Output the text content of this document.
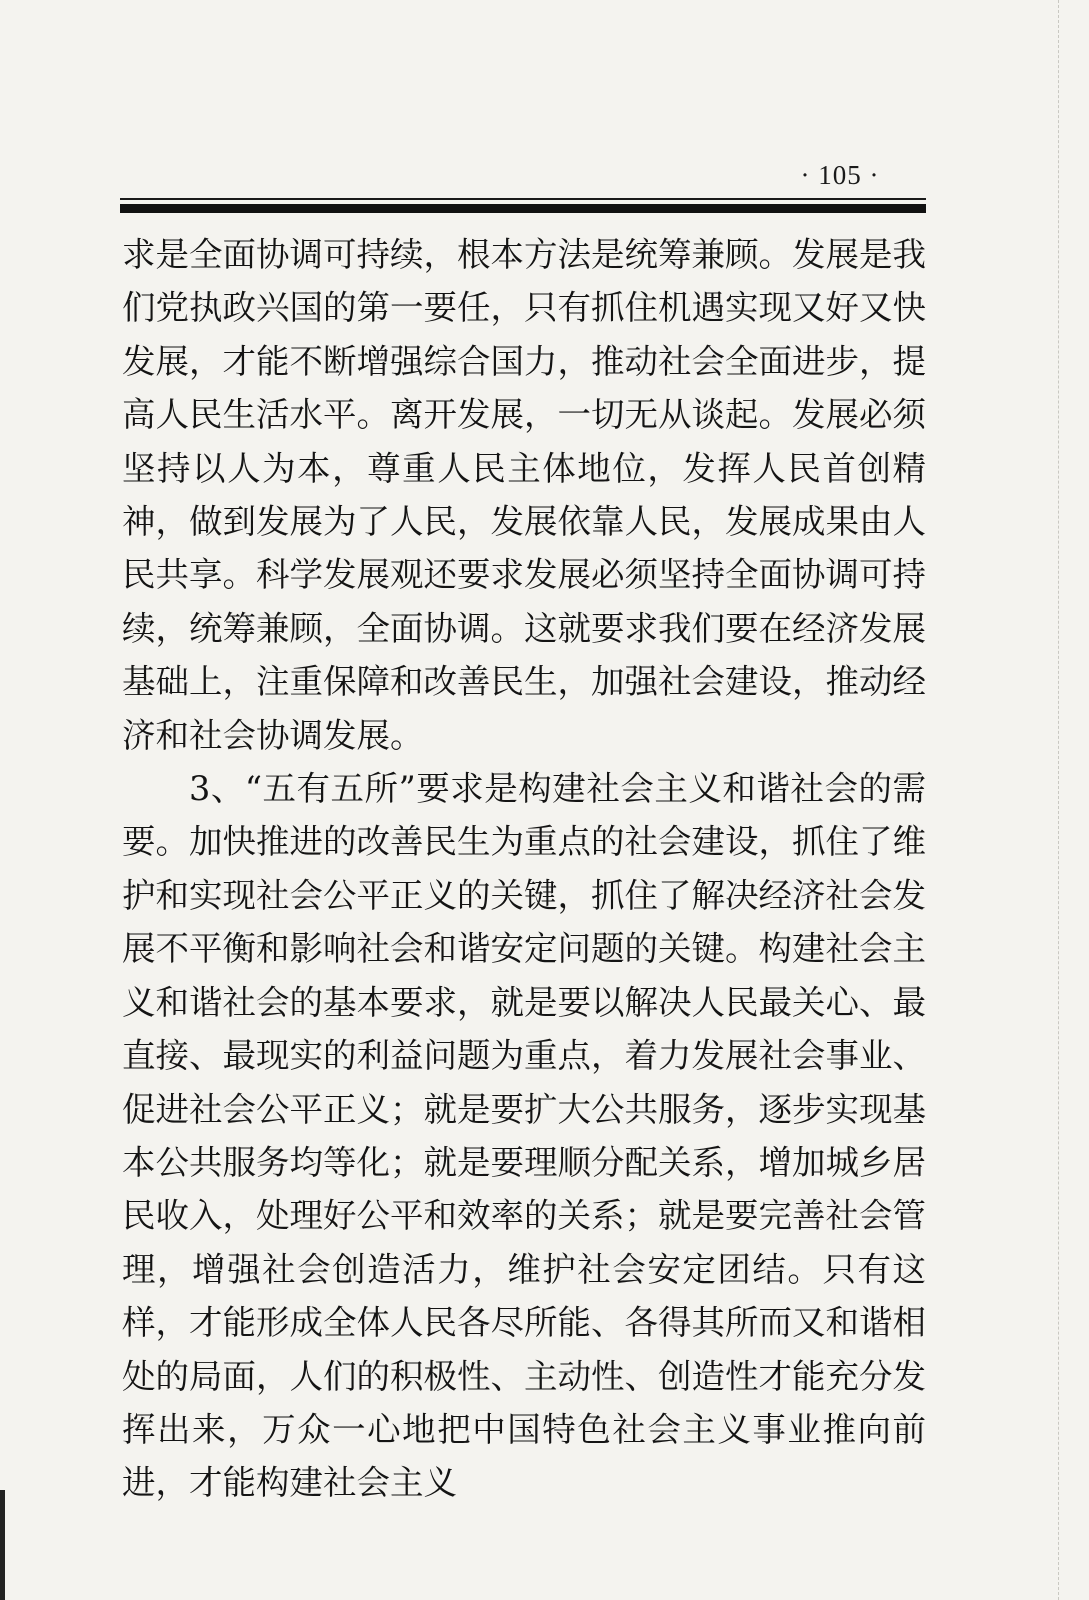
· 105 ·

求是全面协调可持续，根本方法是统筹兼顾。发展是我们党执政兴国的第一要任，只有抓住机遇实现又好又快发展，才能不断增强综合国力，推动社会全面进步，提高人民生活水平。离开发展，一切无从谈起。发展必须坚持以人为本，尊重人民主体地位，发挥人民首创精神，做到发展为了人民，发展依靠人民，发展成果由人民共享。科学发展观还要求发展必须坚持全面协调可持续，统筹兼顾，全面协调。这就要求我们要在经济发展基础上，注重保障和改善民生，加强社会建设，推动经济和社会协调发展。

3、“五有五所”要求是构建社会主义和谐社会的需要。加快推进的改善民生为重点的社会建设，抓住了维护和实现社会公平正义的关键，抓住了解决经济社会发展不平衡和影响社会和谐安定问题的关键。构建社会主义和谐社会的基本要求，就是要以解决人民最关心、最直接、最现实的利益问题为重点，着力发展社会事业、促进社会公平正义；就是要扩大公共服务，逐步实现基本公共服务均等化；就是要理顺分配关系，增加城乡居民收入，处理好公平和效率的关系；就是要完善社会管理，增强社会创造活力，维护社会安定团结。只有这样，才能形成全体人民各尽所能、各得其所而又和谐相处的局面，人们的积极性、主动性、创造性才能充分发挥出来，万众一心地把中国特色社会主义事业推向前进，才能构建社会主义
